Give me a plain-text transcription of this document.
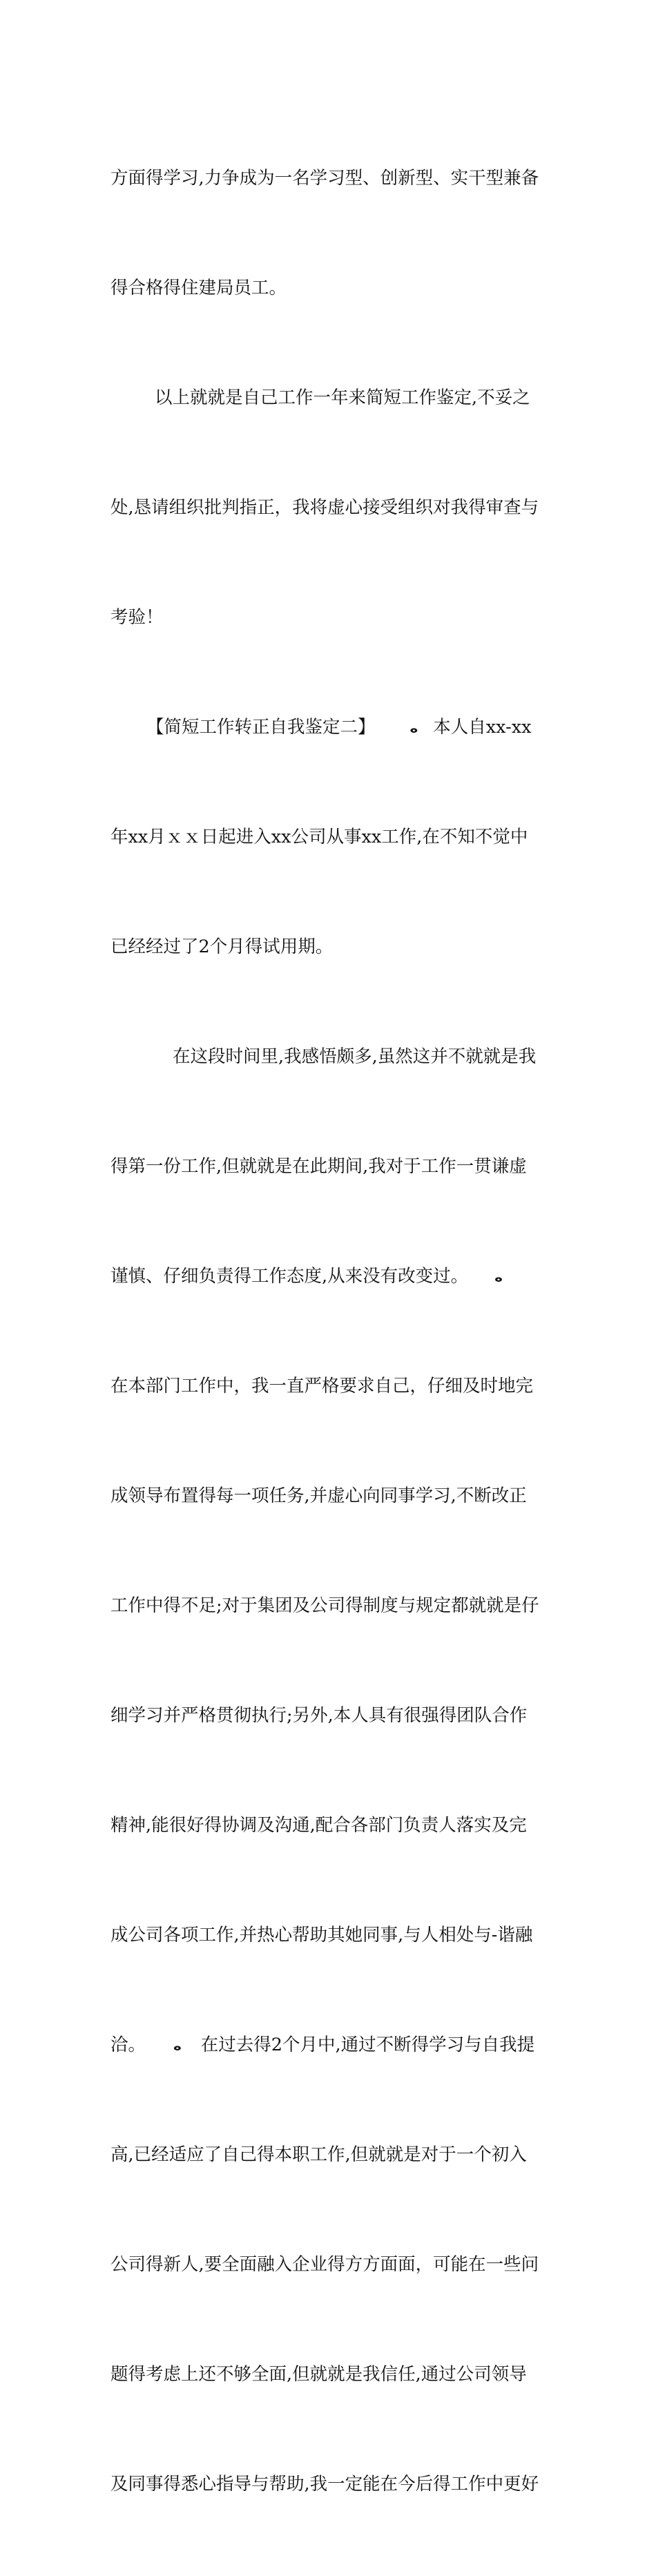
方面得学习,力争成为一名学习型、创新型、实干型兼备

得合格得住建局员工。

以上就就是自己工作一年来简短工作鉴定,不妥之

处,恳请组织批判指正，我将虚心接受组织对我得审查与

考验！

【简短工作转正自我鉴定二】	ⴰ 本人自xx-xx

年xx月ｘｘ日起进入xx公司从事xx工作,在不知不觉中

已经经过了2个月得试用期。

在这段时间里,我感悟颇多,虽然这并不就就是我

得第一份工作,但就就是在此期间,我对于工作一贯谦虚

谨慎、仔细负责得工作态度,从来没有改变过。 ⴰ

在本部门工作中，我一直严格要求自己，仔细及时地完

成领导布置得每一项任务,并虚心向同事学习,不断改正

工作中得不足;对于集团及公司得制度与规定都就就是仔

细学习并严格贯彻执行;另外,本人具有很强得团队合作

精神,能很好得协调及沟通,配合各部门负责人落实及完

成公司各项工作,并热心帮助其她同事,与人相处与-谐融

洽。 ⴰ 在过去得2个月中,通过不断得学习与自我提

高,已经适应了自己得本职工作,但就就是对于一个初入

公司得新人,要全面融入企业得方方面面，可能在一些问

题得考虑上还不够全面,但就就是我信任,通过公司领导

及同事得悉心指导与帮助,我一定能在今后得工作中更好
